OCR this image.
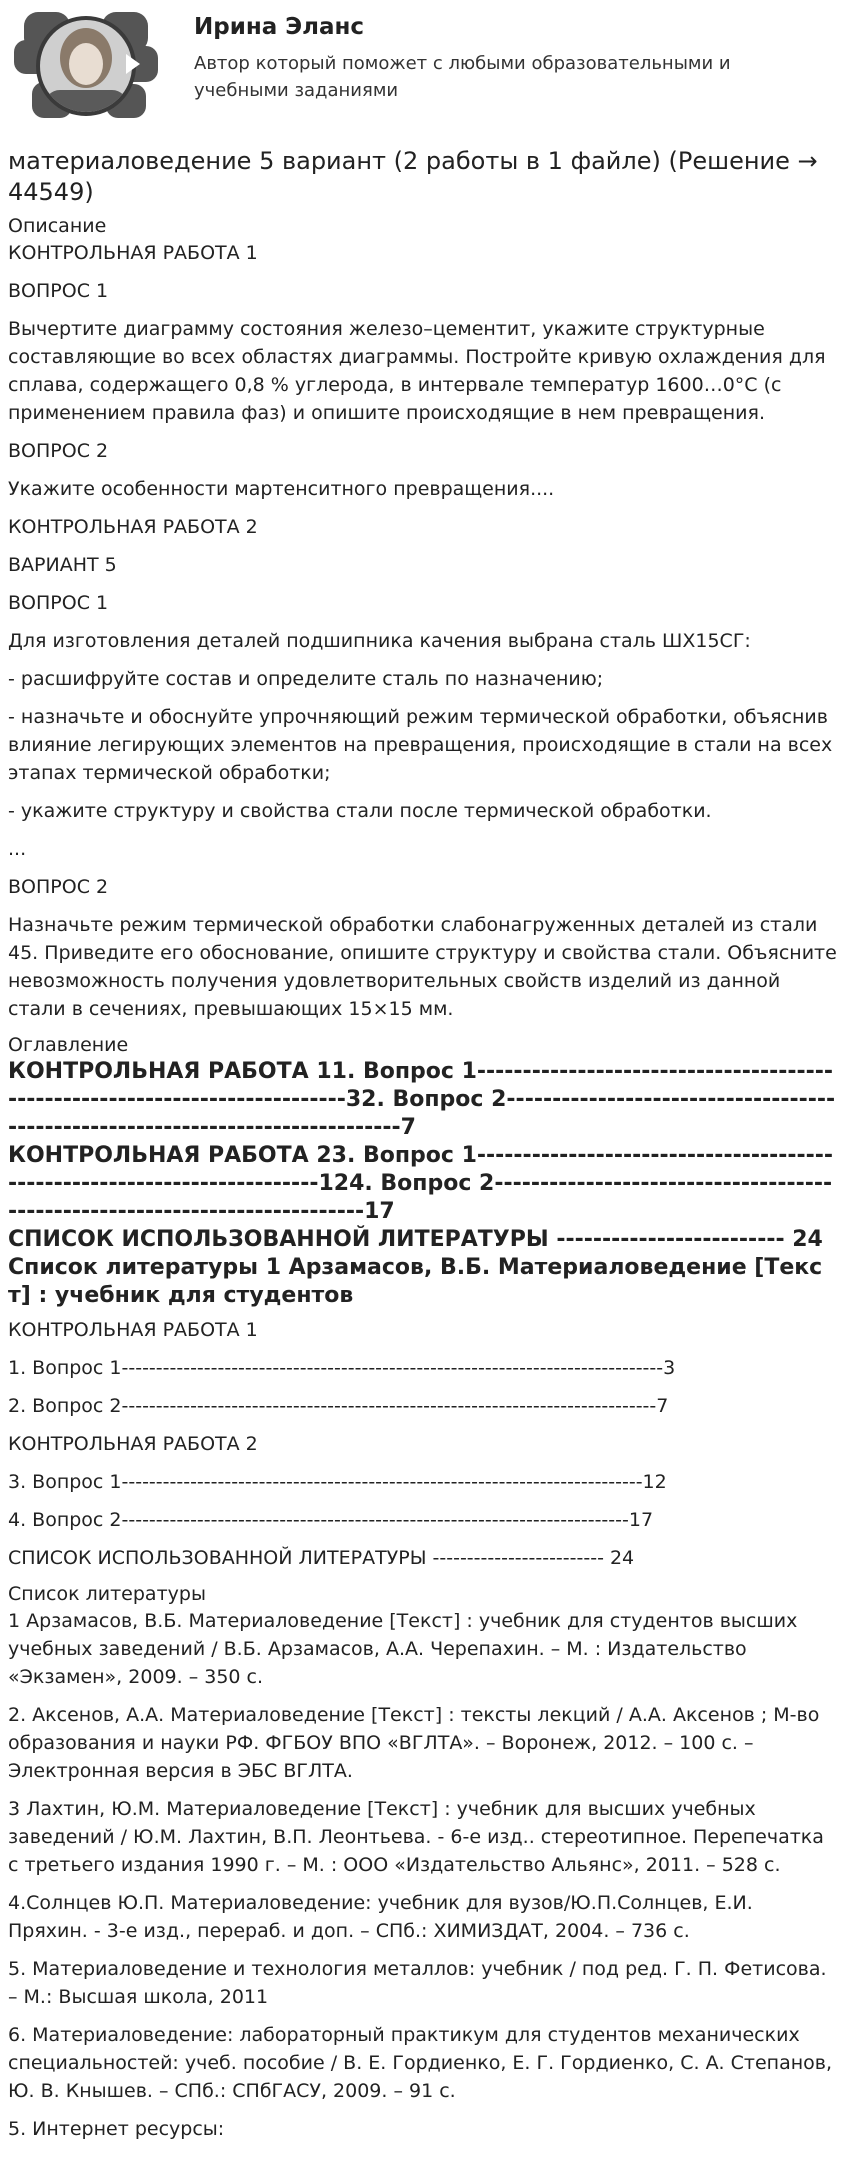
Ирина Эланс
Автор который поможет с любыми образовательными и учебными заданиями
материаловедение 5 вариант (2 работы в 1 файле) (Решение → 44549)
Описание

КОНТРОЛЬНАЯ РАБОТА 1

ВОПРОС 1

Вычертите диаграмму состояния железо–цементит, укажите структурные составляющие во всех областях диаграммы. Постройте кривую охлаждения для сплава, содержащего 0,8 % углерода, в интервале температур 1600…0°С (с применением правила фаз) и опишите происходящие в нем превращения.

ВОПРОС 2

Укажите особенности мартенситного превращения....

КОНТРОЛЬНАЯ РАБОТА 2

ВАРИАНТ 5

ВОПРОС 1

Для изготовления деталей подшипника качения выбрана сталь ШХ15СГ:

- расшифруйте состав и определите сталь по назначению;

- назначьте и обоснуйте упрочняющий режим термической обработки, объяснив влияние легирующих элементов на превращения, происходящие в стали на всех этапах термической обработки;

- укажите структуру и свойства стали после термической обработки.

...

ВОПРОС 2

Назначьте режим термической обработки слабонагруженных деталей из стали 45. Приведите его обоснование, опишите структуру и свойства стали. Объясните невозможность получения удовлетворительных свойств изделий из данной стали в сечениях, превышающих 15×15 мм.

Оглавление

КОНТРОЛЬНАЯ РАБОТА 11. Вопрос 1----------------------------------------------------------------------------32. Вопрос 2-------------------------------------------------------------------------------7

КОНТРОЛЬНАЯ РАБОТА 23. Вопрос 1-------------------------------------------------------------------------124. Вопрос 2----------------------------------------------------------------------------17

СПИСОК ИСПОЛЬЗОВАННОЙ ЛИТЕРАТУРЫ ------------------------- 24

Список литературы 1 Арзамасов, В.Б. Материаловедение [Текст] : учебник для студентов

КОНТРОЛЬНАЯ РАБОТА 1

1. Вопрос 1-------------------------------------------------------------------------------3

2. Вопрос 2------------------------------------------------------------------------------7

КОНТРОЛЬНАЯ РАБОТА 2

3. Вопрос 1----------------------------------------------------------------------------12

4. Вопрос 2--------------------------------------------------------------------------17

СПИСОК ИСПОЛЬЗОВАННОЙ ЛИТЕРАТУРЫ ------------------------- 24

Список литературы

1 Арзамасов, В.Б. Материаловедение [Текст] : учебник для студентов высших учебных заведений / В.Б. Арзамасов, А.А. Черепахин. – М. : Издательство «Экзамен», 2009. – 350 с.

2. Аксенов, А.А. Материаловедение [Текст] : тексты лекций / А.А. Аксенов ; М-во образования и науки РФ. ФГБОУ ВПО «ВГЛТА». – Воронеж, 2012. – 100 с. – Электронная версия в ЭБС ВГЛТА.

3 Лахтин, Ю.М. Материаловедение [Текст] : учебник для высших учебных заведений / Ю.М. Лахтин, В.П. Леонтьева. - 6-е изд.. стереотипное. Перепечатка с третьего издания 1990 г. – М. : ООО «Издательство Альянс», 2011. – 528 с.

4.Солнцев Ю.П. Материаловедение: учебник для вузов/Ю.П.Солнцев, Е.И. Пряхин. - 3-е изд., перераб. и доп. – СПб.: ХИМИЗДАТ, 2004. – 736 с.

5. Материаловедение и технология металлов: учебник / под ред. Г. П. Фетисова. – М.: Высшая школа, 2011

6. Материаловедение: лабораторный практикум для студентов механических специальностей: учеб. пособие / В. Е. Гордиенко, Е. Г. Гордиенко, С. А. Степанов, Ю. В. Кнышев. – СПб.: СПбГАСУ, 2009. – 91 с.

5. Интернет ресурсы:
